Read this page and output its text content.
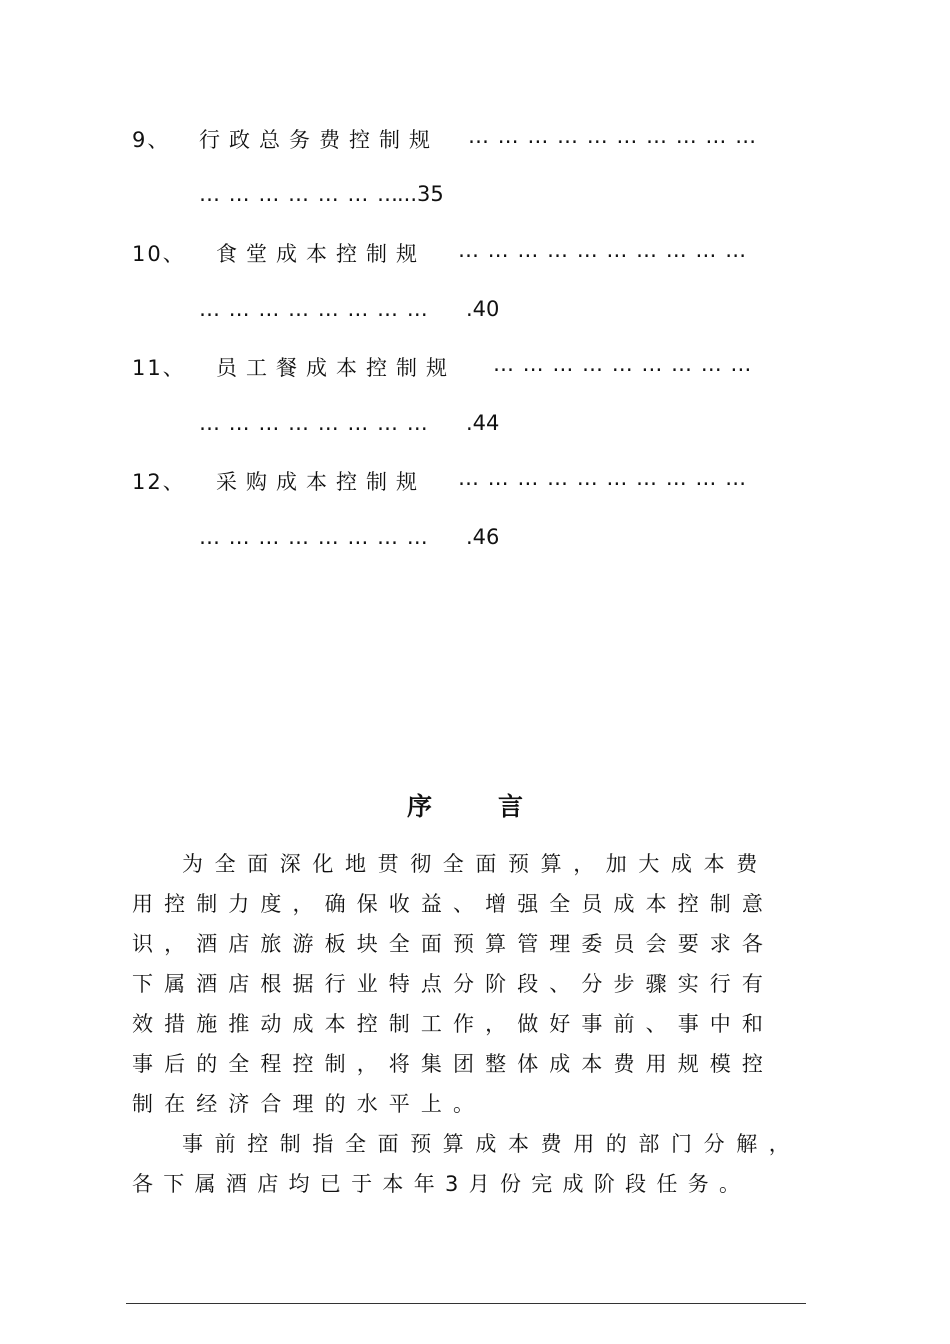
9、 行政总务费控制规 … … … … … … … … … …
… … … … … … …
...35
10、 食堂成本控制规 … … … … … … … … … …
… … … … … … … … .40
11、 员工餐成本控制规 … … … … … … … … …
… … … … … … … … .44
12、 采购成本控制规 … … … … … … … … … …
… … … … … … … … .46
序言
为全面深化地贯彻全面预算，加大成本费
用控制力度，确保收益、增强全员成本控制意
识，酒店旅游板块全面预算管理委员会要求各
下属酒店根据行业特点分阶段、分步骤实行有
效措施推动成本控制工作，做好事前、事中和
事后的全程控制，将集团整体成本费用规模控
制在经济合理的水平上。
事前控制指全面预算成本费用的部门分解，
各下属酒店均已于本年3月份完成阶段任务。
